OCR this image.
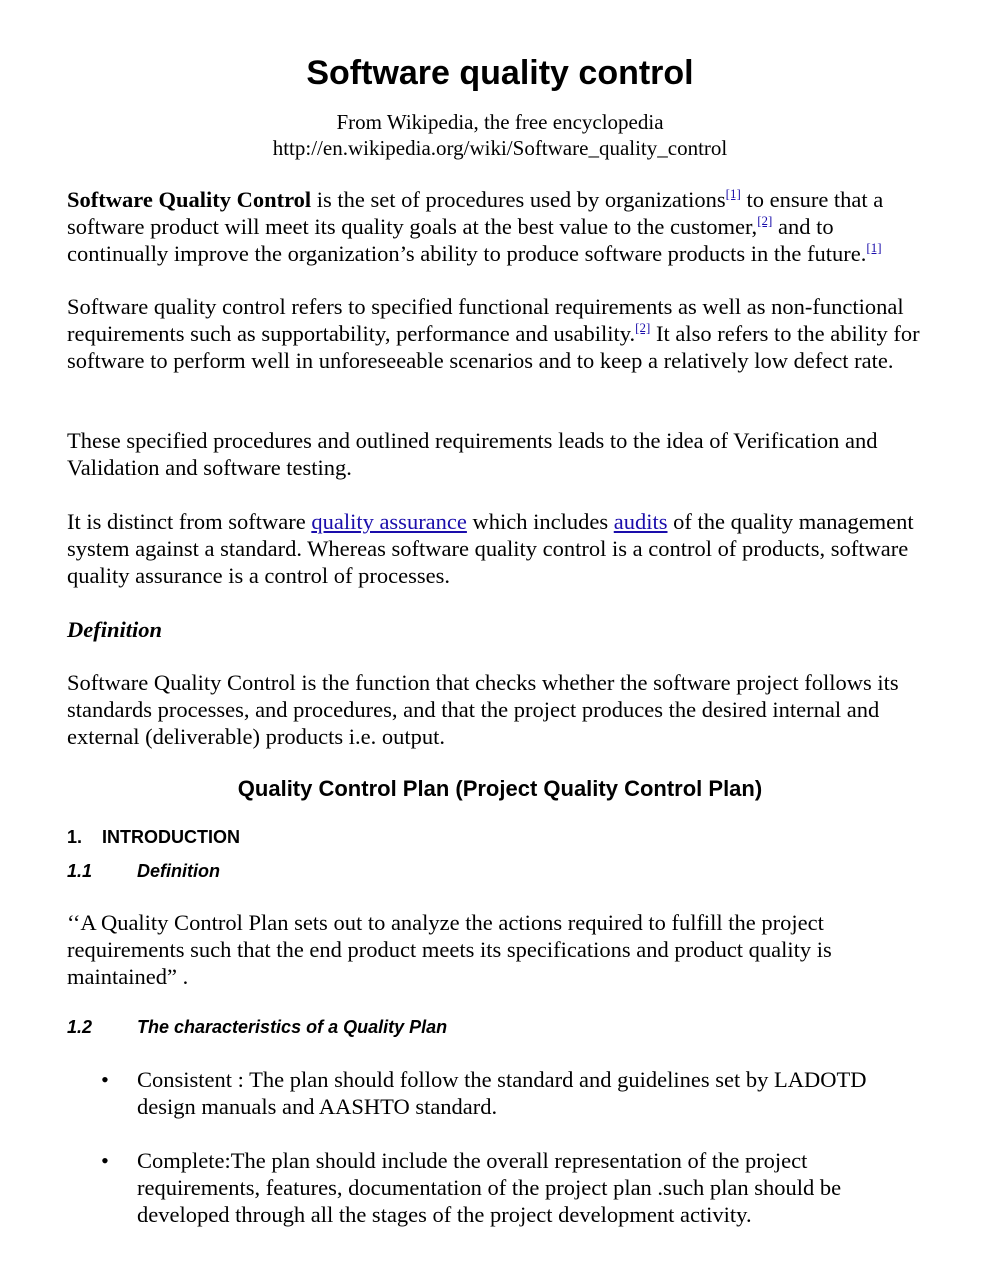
Software quality control

From Wikipedia, the free encyclopedia

http://en.wikipedia.org/wiki/Software_quality_control

Software Quality Control is the set of procedures used by organizations[1] to ensure that a software product will meet its quality goals at the best value to the customer,[2] and to continually improve the organization’s ability to produce software products in the future.[1]

Software quality control refers to specified functional requirements as well as non-functional requirements such as supportability, performance and usability.[2] It also refers to the ability for software to perform well in unforeseeable scenarios and to keep a relatively low defect rate.

These specified procedures and outlined requirements leads to the idea of Verification and Validation and software testing.

It is distinct from software quality assurance which includes audits of the quality management system against a standard. Whereas software quality control is a control of products, software quality assurance is a control of processes.

Definition

Software Quality Control is the function that checks whether the software project follows its standards processes, and procedures, and that the project produces the desired internal and external (deliverable) products i.e. output.

Quality Control Plan (Project Quality Control Plan)
1. INTRODUCTION
1.1 Definition

‘‘A Quality Control Plan sets out to analyze the actions required to fulfill the project requirements such that the end product meets its specifications and product quality is maintained” .

1.2 The characteristics of a Quality Plan
• Consistent : The plan should follow the standard and guidelines set by LADOTD design manuals and AASHTO standard.
• Complete:The plan should include the overall representation of the project requirements, features, documentation of the project plan .such plan should be developed through all the stages of the project development activity.
